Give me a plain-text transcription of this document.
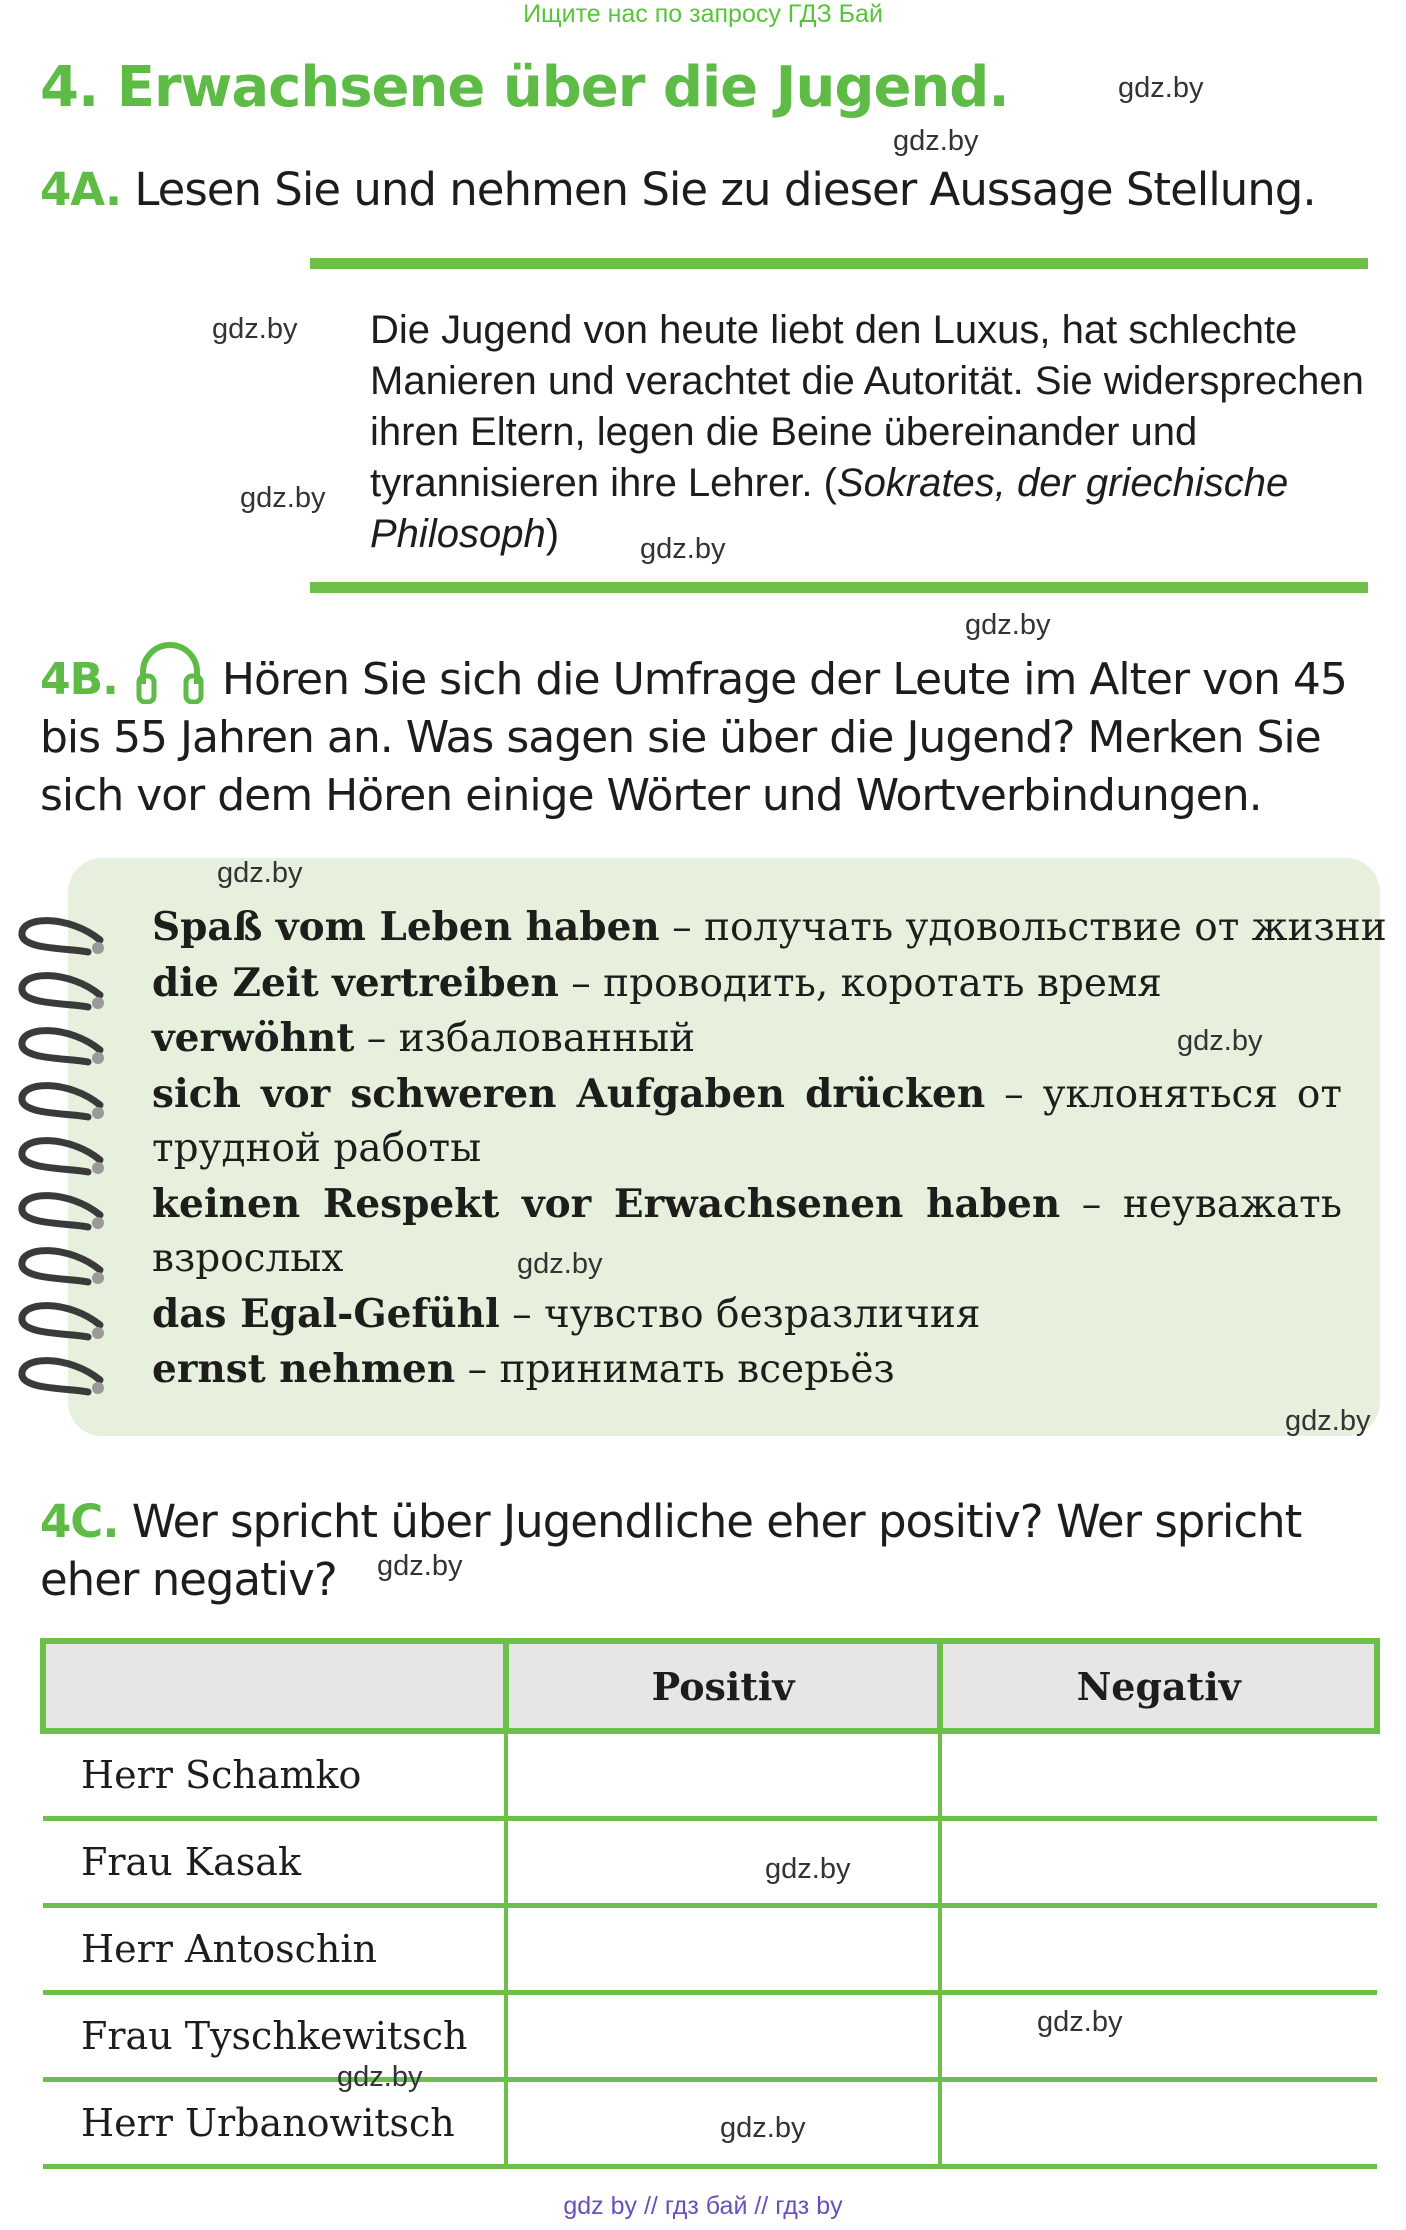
Ищите нас по запросу ГДЗ Бай
4. Erwachsene über die Jugend.
4A. Lesen Sie und nehmen Sie zu dieser Aussage Stellung.
Die Jugend von heute liebt den Luxus, hat schlechte Manieren und verachtet die Autorität. Sie widersprechen ihren Eltern, legen die Beine übereinander und tyrannisieren ihre Lehrer. (Sokrates, der griechische Philosoph)
4B. Hören Sie sich die Umfrage der Leute im Alter von 45 bis 55 Jahren an. Was sagen sie über die Jugend? Merken Sie sich vor dem Hören einige Wörter und Wortverbindungen.
Spaß vom Leben haben – получать удовольствие от жизни
die Zeit vertreiben – проводить, коротать время
verwöhnt – избалованный
sich vor schweren Aufgaben drücken – уклоняться от трудной работы
keinen Respekt vor Erwachsenen haben – неуважать взрослых
das Egal-Gefühl – чувство безразличия
ernst nehmen – принимать всерьёз
4C. Wer spricht über Jugendliche eher positiv? Wer spricht eher negativ?
	Positiv	Negativ
Herr Schamko		
Frau Kasak		
Herr Antoschin		
Frau Tyschkewitsch		
Herr Urbanowitsch		
gdz.by
gdz.by
gdz.by
gdz.by
gdz.by
gdz.by
gdz.by
gdz.by
gdz.by
gdz.by
gdz.by
gdz.by
gdz.by
gdz.by
gdz.by
gdz by // гдз бай // гдз by
